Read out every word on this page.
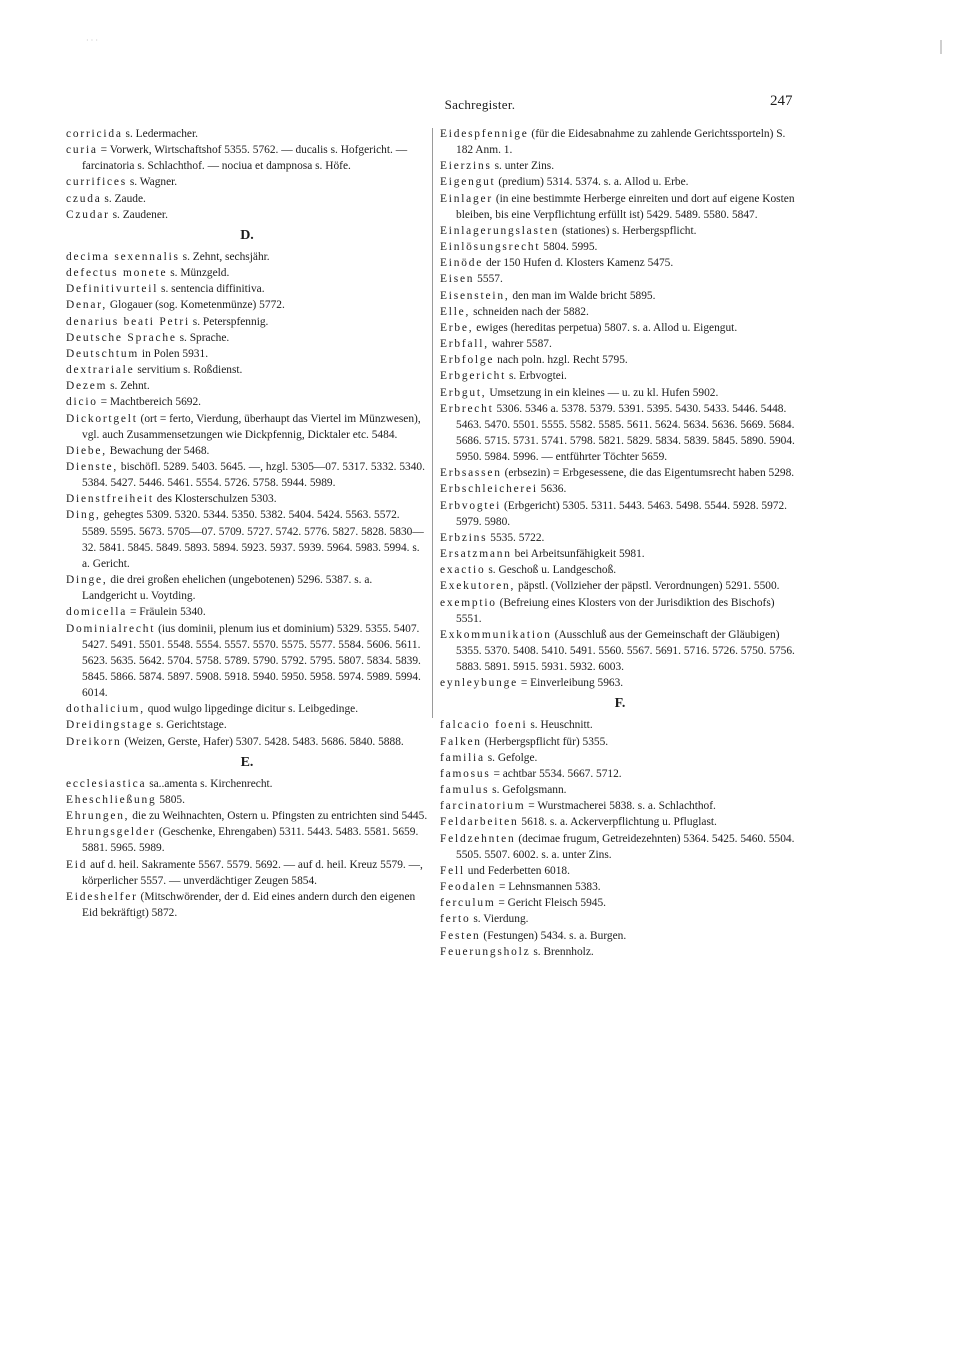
· · ·
Sachregister.	247

corricida s. Ledermacher.

curia = Vorwerk, Wirtschaftshof 5355. 5762. — ducalis s. Hofgericht. — farcinatoria s. Schlachthof. — nociua et dampnosa s. Höfe.

currifices s. Wagner.

czuda s. Zaude.

Czudar s. Zaudener.

D.

decima sexennalis s. Zehnt, sechsjähr.

defectus monete s. Münzgeld.

Definitivurteil s. sentencia diffinitiva.

Denar, Glogauer (sog. Kometenmünze) 5772.

denarius beati Petri s. Peterspfennig.

Deutsche Sprache s. Sprache.

Deutschtum in Polen 5931.

dextrariale servitium s. Roßdienst.

Dezem s. Zehnt.

dicio = Machtbereich 5692.

Dickortgelt (ort = ferto, Vierdung, überhaupt das Viertel im Münzwesen), vgl. auch Zusammensetzungen wie Dickpfennig, Dicktaler etc. 5484.

Diebe, Bewachung der 5468.

Dienste, bischöfl. 5289. 5403. 5645. —, hzgl. 5305—07. 5317. 5332. 5340. 5384. 5427. 5446. 5461. 5554. 5726. 5758. 5944. 5989.

Dienstfreiheit des Klosterschulzen 5303.

Ding, gehegtes 5309. 5320. 5344. 5350. 5382. 5404. 5424. 5563. 5572. 5589. 5595. 5673. 5705—07. 5709. 5727. 5742. 5776. 5827. 5828. 5830—32. 5841. 5845. 5849. 5893. 5894. 5923. 5937. 5939. 5964. 5983. 5994. s. a. Gericht.

Dinge, die drei großen ehelichen (ungebotenen) 5296. 5387. s. a. Landgericht u. Voytding.

domicella = Fräulein 5340.

Dominialrecht (ius dominii, plenum ius et dominium) 5329. 5355. 5407. 5427. 5491. 5501. 5548. 5554. 5557. 5570. 5575. 5577. 5584. 5606. 5611. 5623. 5635. 5642. 5704. 5758. 5789. 5790. 5792. 5795. 5807. 5834. 5839. 5845. 5866. 5874. 5897. 5908. 5918. 5940. 5950. 5958. 5974. 5989. 5994. 6014.

dothalicium, quod wulgo lipgedinge dicitur s. Leibgedinge.

Dreidingstage s. Gerichtstage.

Dreikorn (Weizen, Gerste, Hafer) 5307. 5428. 5483. 5686. 5840. 5888.

E.

ecclesiastica sa..amenta s. Kirchenrecht.

Eheschließung 5805.

Ehrungen, die zu Weihnachten, Ostern u. Pfingsten zu entrichten sind 5445.

Ehrungsgelder (Geschenke, Ehrengaben) 5311. 5443. 5483. 5581. 5659. 5881. 5965. 5989.

Eid auf d. heil. Sakramente 5567. 5579. 5692. — auf d. heil. Kreuz 5579. —, körperlicher 5557. — unverdächtiger Zeugen 5854.

Eideshelfer (Mitschwörender, der d. Eid eines andern durch den eigenen Eid bekräftigt) 5872.

Eidespfennige (für die Eidesabnahme zu zahlende Gerichtssporteln) S. 182 Anm. 1.

Eierzins s. unter Zins.

Eigengut (predium) 5314. 5374. s. a. Allod u. Erbe.

Einlager (in eine bestimmte Herberge einreiten und dort auf eigene Kosten bleiben, bis eine Verpflichtung erfüllt ist) 5429. 5489. 5580. 5847.

Einlagerungslasten (stationes) s. Herbergspflicht.

Einlösungsrecht 5804. 5995.

Einöde der 150 Hufen d. Klosters Kamenz 5475.

Eisen 5557.

Eisenstein, den man im Walde bricht 5895.

Elle, schneiden nach der 5882.

Erbe, ewiges (hereditas perpetua) 5807. s. a. Allod u. Eigengut.

Erbfall, wahrer 5587.

Erbfolge nach poln. hzgl. Recht 5795.

Erbgericht s. Erbvogtei.

Erbgut, Umsetzung in ein kleines — u. zu kl. Hufen 5902.

Erbrecht 5306. 5346 a. 5378. 5379. 5391. 5395. 5430. 5433. 5446. 5448. 5463. 5470. 5501. 5555. 5582. 5585. 5611. 5624. 5634. 5636. 5669. 5684. 5686. 5715. 5731. 5741. 5798. 5821. 5829. 5834. 5839. 5845. 5890. 5904. 5950. 5984. 5996. — entführter Töchter 5659.

Erbsassen (erbsezin) = Erbgesessene, die das Eigentumsrecht haben 5298.

Erbschleicherei 5636.

Erbvogtei (Erbgericht) 5305. 5311. 5443. 5463. 5498. 5544. 5928. 5972. 5979. 5980.

Erbzins 5535. 5722.

Ersatzmann bei Arbeitsunfähigkeit 5981.

exactio s. Geschoß u. Landgeschoß.

Exekutoren, päpstl. (Vollzieher der päpstl. Verordnungen) 5291. 5500.

exemptio (Befreiung eines Klosters von der Jurisdiktion des Bischofs) 5551.

Exkommunikation (Ausschluß aus der Gemeinschaft der Gläubigen) 5355. 5370. 5408. 5410. 5491. 5560. 5567. 5691. 5716. 5726. 5750. 5756. 5883. 5891. 5915. 5931. 5932. 6003.

eynleybunge = Einverleibung 5963.

F.

falcacio foeni s. Heuschnitt.

Falken (Herbergspflicht für) 5355.

familia s. Gefolge.

famosus = achtbar 5534. 5667. 5712.

famulus s. Gefolgsmann.

farcinatorium = Wurstmacherei 5838. s. a. Schlachthof.

Feldarbeiten 5618. s. a. Ackerverpflichtung u. Pfluglast.

Feldzehnten (decimae frugum, Getreidezehnten) 5364. 5425. 5460. 5504. 5505. 5507. 6002. s. a. unter Zins.

Fell und Federbetten 6018.

Feodalen = Lehnsmannen 5383.

ferculum = Gericht Fleisch 5945.

ferto s. Vierdung.

Festen (Festungen) 5434. s. a. Burgen.

Feuerungsholz s. Brennholz.
